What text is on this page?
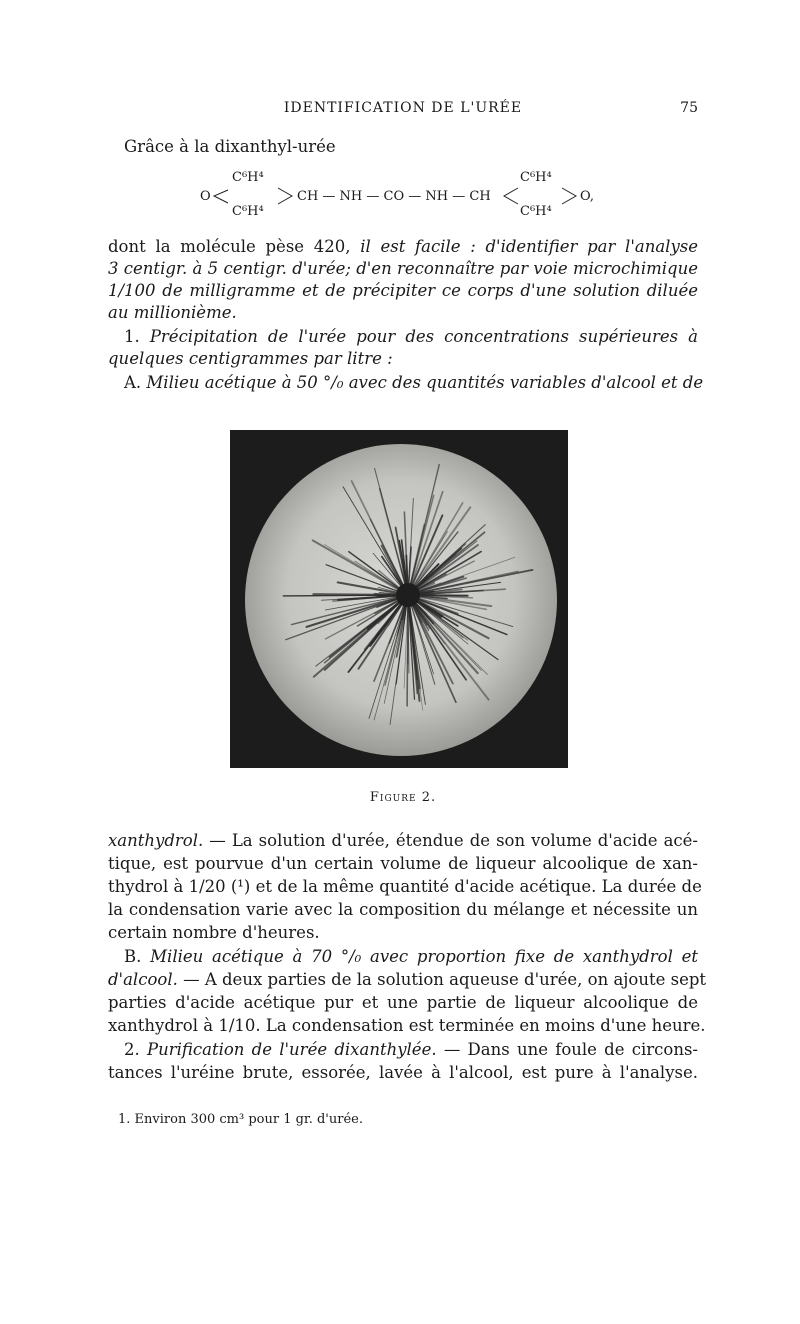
IDENTIFICATION DE L'URÉE	75
Grâce à la dixanthyl-urée
O
C⁶H⁴
C⁶H⁴
CH — NH — CO — NH — CH
C⁶H⁴
C⁶H⁴
O,
dont la molécule pèse 420, il est facile : d'identifier par l'analyse
3 centigr. à 5 centigr. d'urée; d'en reconnaître par voie microchimique
1/100 de milligramme et de précipiter ce corps d'une solution diluée
au millionième.
1. Précipitation de l'urée pour des concentrations supérieures à
quelques centigrammes par litre :
A. Milieu acétique à 50 °/₀ avec des quantités variables d'alcool et de
Figure 2.
xanthydrol. — La solution d'urée, étendue de son volume d'acide acé-
tique, est pourvue d'un certain volume de liqueur alcoolique de xan-
thydrol à 1/20 (¹) et de la même quantité d'acide acétique. La durée de
la condensation varie avec la composition du mélange et nécessite un
certain nombre d'heures.
B. Milieu acétique à 70 °/₀ avec proportion fixe de xanthydrol et
d'alcool. — A deux parties de la solution aqueuse d'urée, on ajoute sept
parties d'acide acétique pur et une partie de liqueur alcoolique de
xanthydrol à 1/10. La condensation est terminée en moins d'une heure.
2. Purification de l'urée dixanthylée. — Dans une foule de circons-
tances l'uréine brute, essorée, lavée à l'alcool, est pure à l'analyse.
1. Environ 300 cm³ pour 1 gr. d'urée.
